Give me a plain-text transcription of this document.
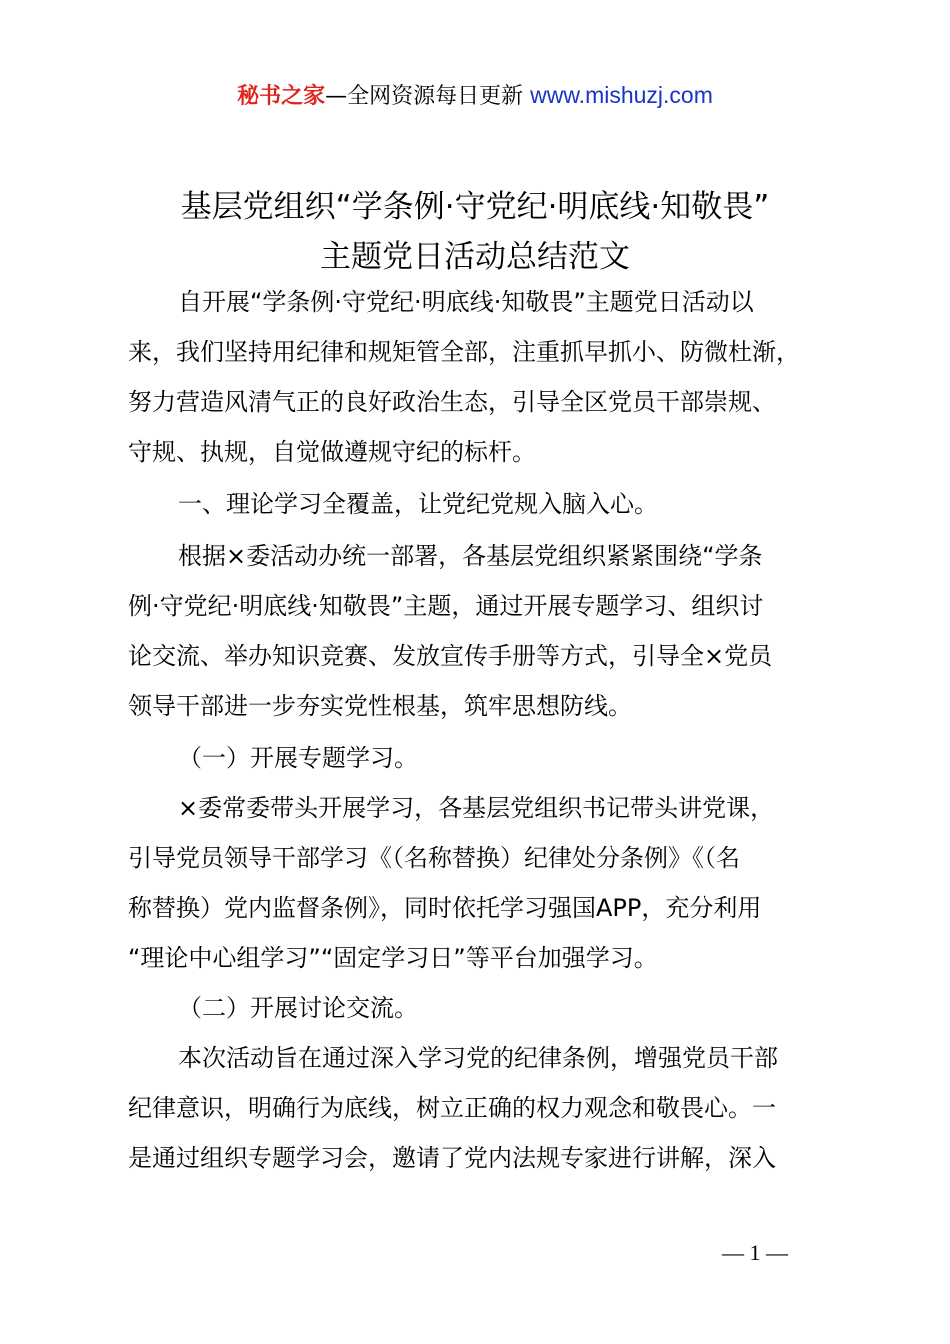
秘书之家—全网资源每日更新 www.mishuzj.com
基层党组织“学条例·守党纪·明底线·知敬畏”
主题党日活动总结范文
自开展“学条例·守党纪·明底线·知敬畏”主题党日活动以
来，我们坚持用纪律和规矩管全部，注重抓早抓小、防微杜渐，
努力营造风清气正的良好政治生态，引导全区党员干部崇规、
守规、执规，自觉做遵规守纪的标杆。
一、理论学习全覆盖，让党纪党规入脑入心。
根据×委活动办统一部署，各基层党组织紧紧围绕“学条
例·守党纪·明底线·知敬畏”主题，通过开展专题学习、组织讨
论交流、举办知识竞赛、发放宣传手册等方式，引导全×党员
领导干部进一步夯实党性根基，筑牢思想防线。
（一）开展专题学习。
×委常委带头开展学习，各基层党组织书记带头讲党课，
引导党员领导干部学习《（名称替换）纪律处分条例》《（名
称替换）党内监督条例》，同时依托学习强国APP，充分利用
“理论中心组学习”“固定学习日”等平台加强学习。
（二）开展讨论交流。
本次活动旨在通过深入学习党的纪律条例，增强党员干部
纪律意识，明确行为底线，树立正确的权力观念和敬畏心。一
是通过组织专题学习会，邀请了党内法规专家进行讲解，深入
— 1 —
